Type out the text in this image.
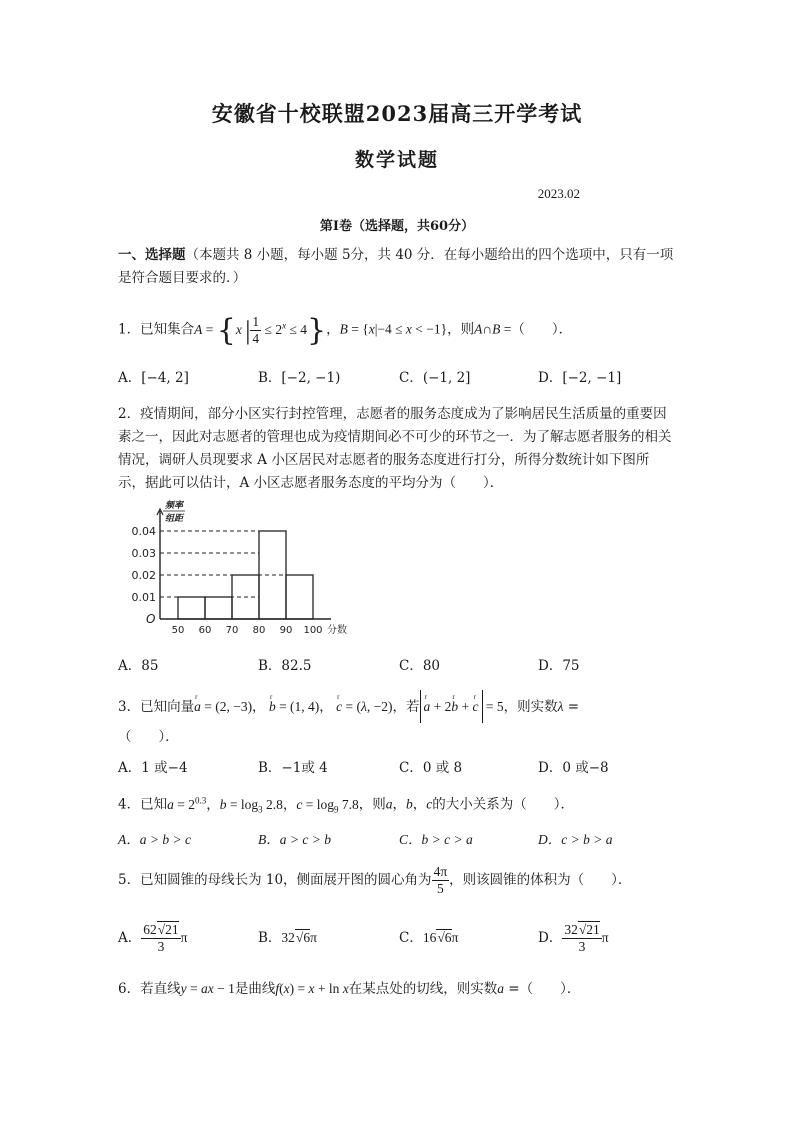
安徽省十校联盟2023届高三开学考试
数学试题
2023.02
第Ⅰ卷（选择题，共60分）
一、选择题（本题共 8 小题，每小题 5分，共 40 分．在每小题给出的四个选项中，只有一项是符合题目要求的．）
1．已知集合A = {x | $\frac{1}{4} \le 2^x \le 4$}，B = {x|−4 ≤ x < −1}，则A∩B =（　　）．
A．[−4, 2]	B．[−2, −1)	C．(−1, 2]	D．[−2, −1]
2．疫情期间，部分小区实行封控管理，志愿者的服务态度成为了影响居民生活质量的重要因素之一，因此对志愿者的管理也成为疫情期间必不可少的环节之一．为了解志愿者服务的相关情况，调研人员现要求 A 小区居民对志愿者的服务态度进行打分，所得分数统计如下图所示，据此可以估计，A 小区志愿者服务态度的平均分为（　　）．
0.01
0.02
0.03
0.04
50 60 70 80 90 100
O
分数
频率
组距
A．85	B．82.5	C．80	D．75
3．已知向量r a = (2, −3)， r b = (1, 4)， r c = (λ, −2)，若r a + 2r b + r c = 5，则实数λ =
（　　）．
A．1 或−4	B．−1或 4	C．0 或 8	D．0 或−8
4．已知$a = 2^{0.3}$，$b = \log_3 2.8$，$c = \log_9 7.8$，则a，b，c的大小关系为（　　）．
A．a > b > c	B．a > c > b	C．b > c > a	D．c > b > a
5．已知圆锥的母线长为 10，侧面展开图的圆心角为 $\frac{4\pi}{5}$ ，则该圆锥的体积为（　　）．
A． $\frac{62√21}{3}$ π	B．32√6π	C．16√6π	D． $\frac{32√21}{3}$ π
6．若直线y = ax − 1是曲线f(x) = x + ln x在某点处的切线，则实数a =（　　）．
